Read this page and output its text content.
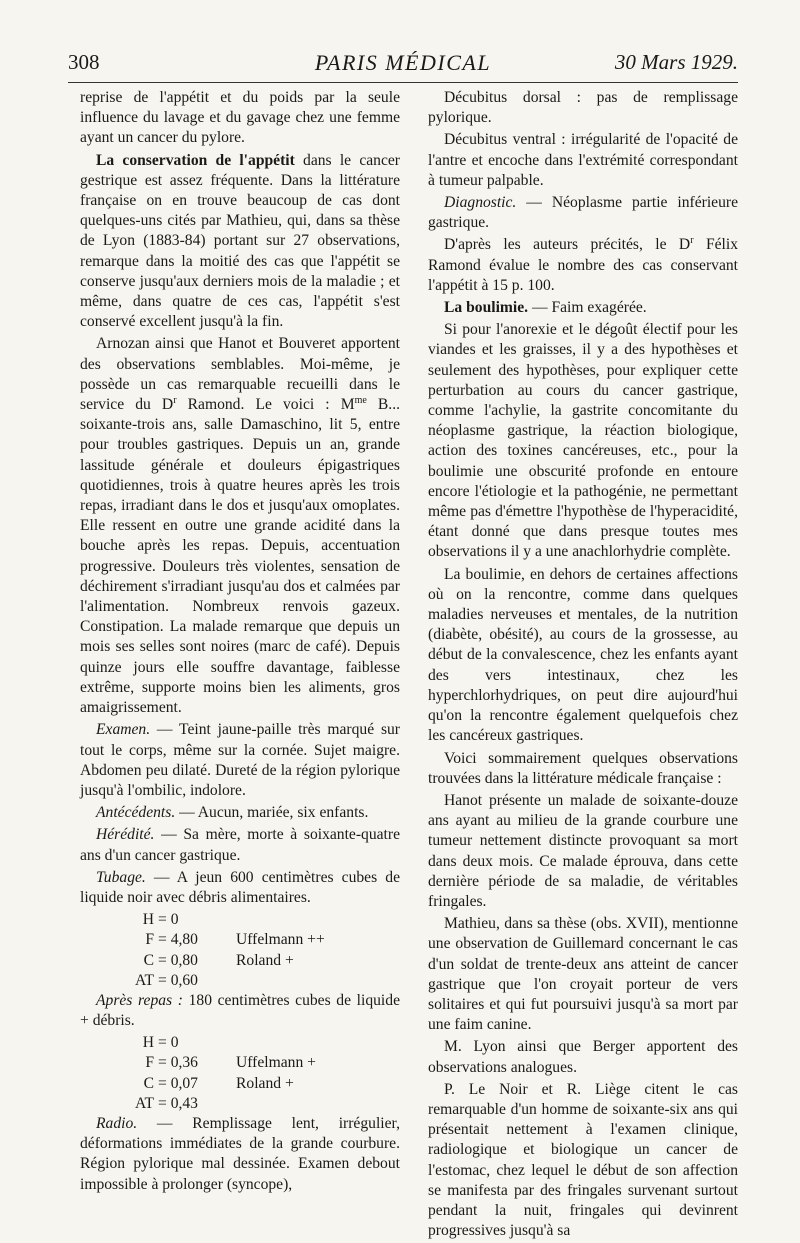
308	PARIS MÉDICAL	30 Mars 1929.

reprise de l'appétit et du poids par la seule influence du lavage et du gavage chez une femme ayant un cancer du pylore.

La conservation de l'appétit dans le cancer gestrique est assez fréquente. Dans la littérature française on en trouve beaucoup de cas dont quelques-uns cités par Mathieu, qui, dans sa thèse de Lyon (1883-84) portant sur 27 observations, remarque dans la moitié des cas que l'appétit se conserve jusqu'aux derniers mois de la maladie ; et même, dans quatre de ces cas, l'appétit s'est conservé excellent jusqu'à la fin.

Arnozan ainsi que Hanot et Bouveret apportent des observations semblables. Moi-même, je possède un cas remarquable recueilli dans le service du $D^r$ Ramond. Le voici : $M^{me}$ B... soixante-trois ans, salle Damaschino, lit 5, entre pour troubles gastriques. Depuis un an, grande lassitude générale et douleurs épigastriques quotidiennes, trois à quatre heures après les trois repas, irradiant dans le dos et jusqu'aux omoplates. Elle ressent en outre une grande acidité dans la bouche après les repas. Depuis, accentuation progressive. Douleurs très violentes, sensation de déchirement s'irradiant jusqu'au dos et calmées par l'alimentation. Nombreux renvois gazeux. Constipation. La malade remarque que depuis un mois ses selles sont noires (marc de café). Depuis quinze jours elle souffre davantage, faiblesse extrême, supporte moins bien les aliments, gros amaigrissement.

Examen. — Teint jaune-paille très marqué sur tout le corps, même sur la cornée. Sujet maigre. Abdomen peu dilaté. Dureté de la région pylorique jusqu'à l'ombilic, indolore.

Antécédents. — Aucun, mariée, six enfants.

Hérédité. — Sa mère, morte à soixante-quatre ans d'un cancer gastrique.

Tubage. — A jeun 600 centimètres cubes de liquide noir avec débris alimentaires.

H = 0
F = 4,80	Uffelmann ++
C = 0,80	Roland +
AT = 0,60

Après repas : 180 centimètres cubes de liquide + débris.

H = 0
F = 0,36	Uffelmann +
C = 0,07	Roland +
AT = 0,43

Radio. — Remplissage lent, irrégulier, déformations immédiates de la grande courbure. Région pylorique mal dessinée. Examen debout impossible à prolonger (syncope),

Décubitus dorsal : pas de remplissage pylorique.

Décubitus ventral : irrégularité de l'opacité de l'antre et encoche dans l'extrémité correspondant à tumeur palpable.

Diagnostic. — Néoplasme partie inférieure gastrique.

D'après les auteurs précités, le $D^r$ Félix Ramond évalue le nombre des cas conservant l'appétit à 15 p. 100.

La boulimie. — Faim exagérée.

Si pour l'anorexie et le dégoût électif pour les viandes et les graisses, il y a des hypothèses et seulement des hypothèses, pour expliquer cette perturbation au cours du cancer gastrique, comme l'achylie, la gastrite concomitante du néoplasme gastrique, la réaction biologique, action des toxines cancéreuses, etc., pour la boulimie une obscurité profonde en entoure encore l'étiologie et la pathogénie, ne permettant même pas d'émettre l'hypothèse de l'hyperacidité, étant donné que dans presque toutes mes observations il y a une anachlorhydrie complète.

La boulimie, en dehors de certaines affections où on la rencontre, comme dans quelques maladies nerveuses et mentales, de la nutrition (diabète, obésité), au cours de la grossesse, au début de la convalescence, chez les enfants ayant des vers intestinaux, chez les hyperchlorhydriques, on peut dire aujourd'hui qu'on la rencontre également quelquefois chez les cancéreux gastriques.

Voici sommairement quelques observations trouvées dans la littérature médicale française :

Hanot présente un malade de soixante-douze ans ayant au milieu de la grande courbure une tumeur nettement distincte provoquant sa mort dans deux mois. Ce malade éprouva, dans cette dernière période de sa maladie, de véritables fringales.

Mathieu, dans sa thèse (obs. XVII), mentionne une observation de Guillemard concernant le cas d'un soldat de trente-deux ans atteint de cancer gastrique que l'on croyait porteur de vers solitaires et qui fut poursuivi jusqu'à sa mort par une faim canine.

M. Lyon ainsi que Berger apportent des observations analogues.

P. Le Noir et R. Liège citent le cas remarquable d'un homme de soixante-six ans qui présentait nettement à l'examen clinique, radiologique et biologique un cancer de l'estomac, chez lequel le début de son affection se manifesta par des fringales survenant surtout pendant la nuit, fringales qui devinrent progressives jusqu'à sa
